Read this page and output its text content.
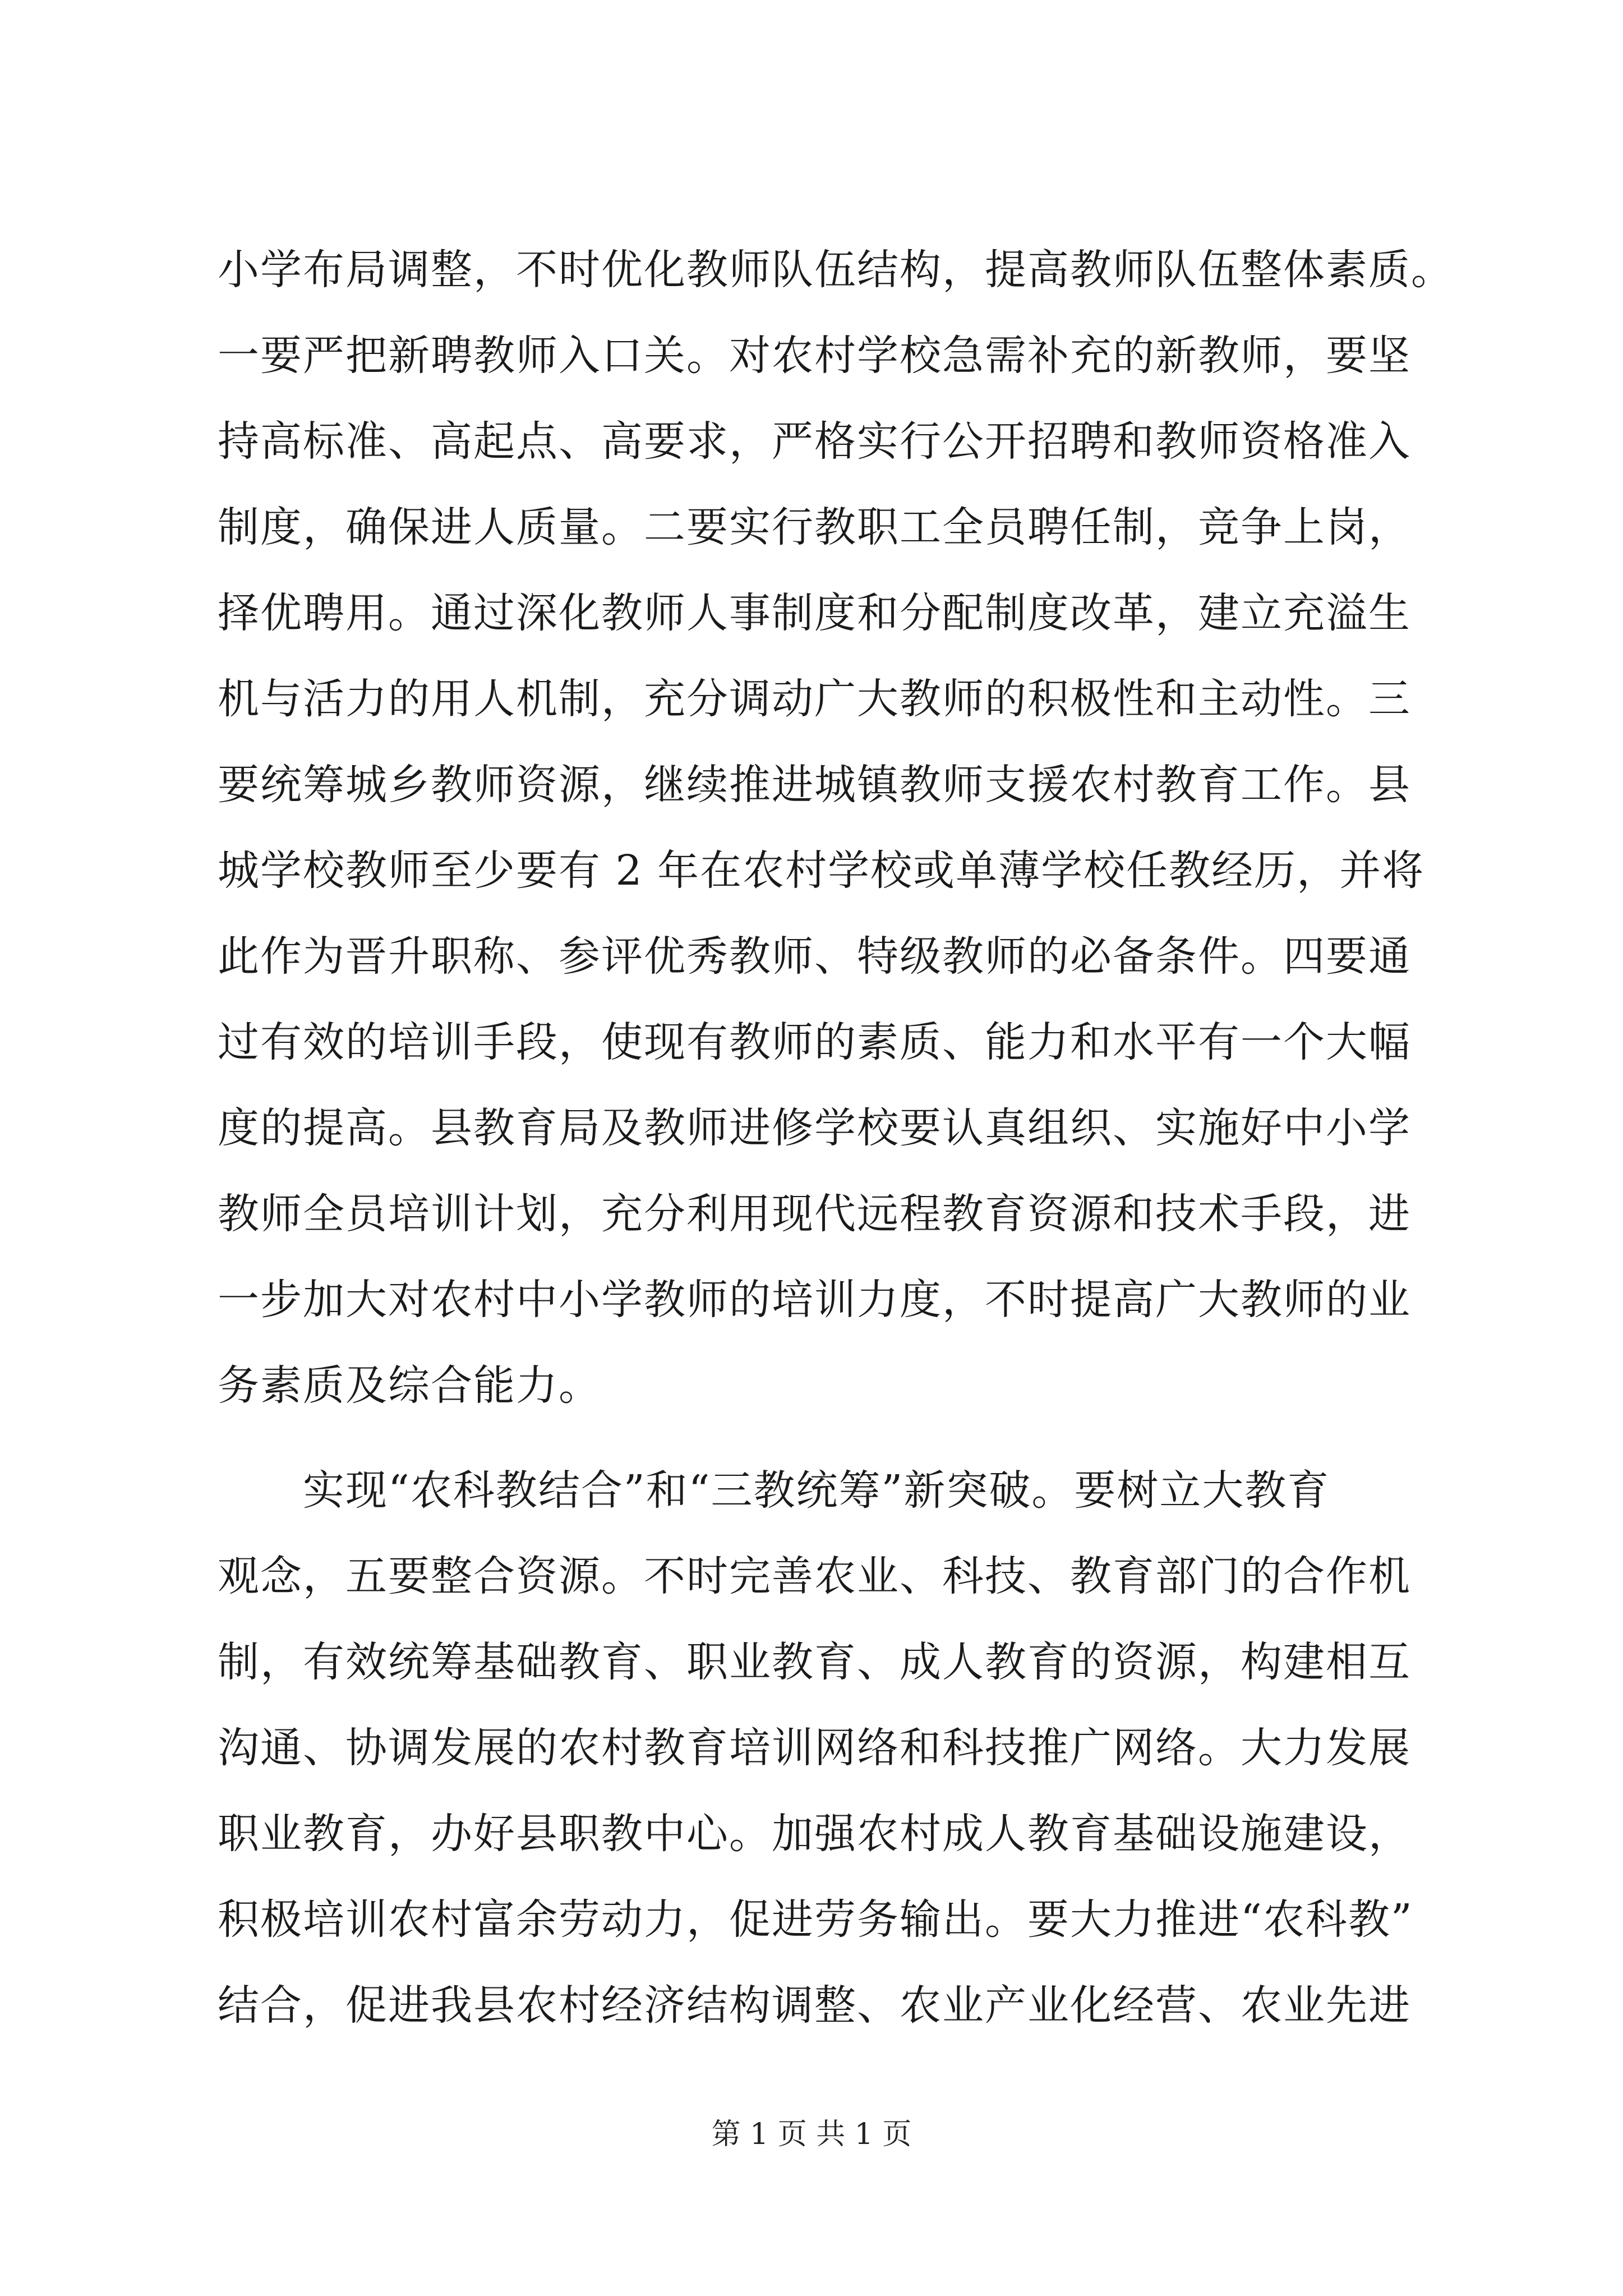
小学布局调整，不时优化教师队伍结构，提高教师队伍整体素质。
一要严把新聘教师入口关。对农村学校急需补充的新教师，要坚
持高标准、高起点、高要求，严格实行公开招聘和教师资格准入
制度，确保进人质量。二要实行教职工全员聘任制，竞争上岗，
择优聘用。通过深化教师人事制度和分配制度改革，建立充溢生
机与活力的用人机制，充分调动广大教师的积极性和主动性。三
要统筹城乡教师资源，继续推进城镇教师支援农村教育工作。县
城学校教师至少要有 2 年在农村学校或单薄学校任教经历，并将
此作为晋升职称、参评优秀教师、特级教师的必备条件。四要通
过有效的培训手段，使现有教师的素质、能力和水平有一个大幅
度的提高。县教育局及教师进修学校要认真组织、实施好中小学
教师全员培训计划，充分利用现代远程教育资源和技术手段，进
一步加大对农村中小学教师的培训力度，不时提高广大教师的业
务素质及综合能力。
　　实现“农科教结合”和“三教统筹”新突破。要树立大教育
观念，五要整合资源。不时完善农业、科技、教育部门的合作机
制，有效统筹基础教育、职业教育、成人教育的资源，构建相互
沟通、协调发展的农村教育培训网络和科技推广网络。大力发展
职业教育，办好县职教中心。加强农村成人教育基础设施建设，
积极培训农村富余劳动力，促进劳务输出。要大力推进“农科教”
结合，促进我县农村经济结构调整、农业产业化经营、农业先进
第 1 页 共 1 页
